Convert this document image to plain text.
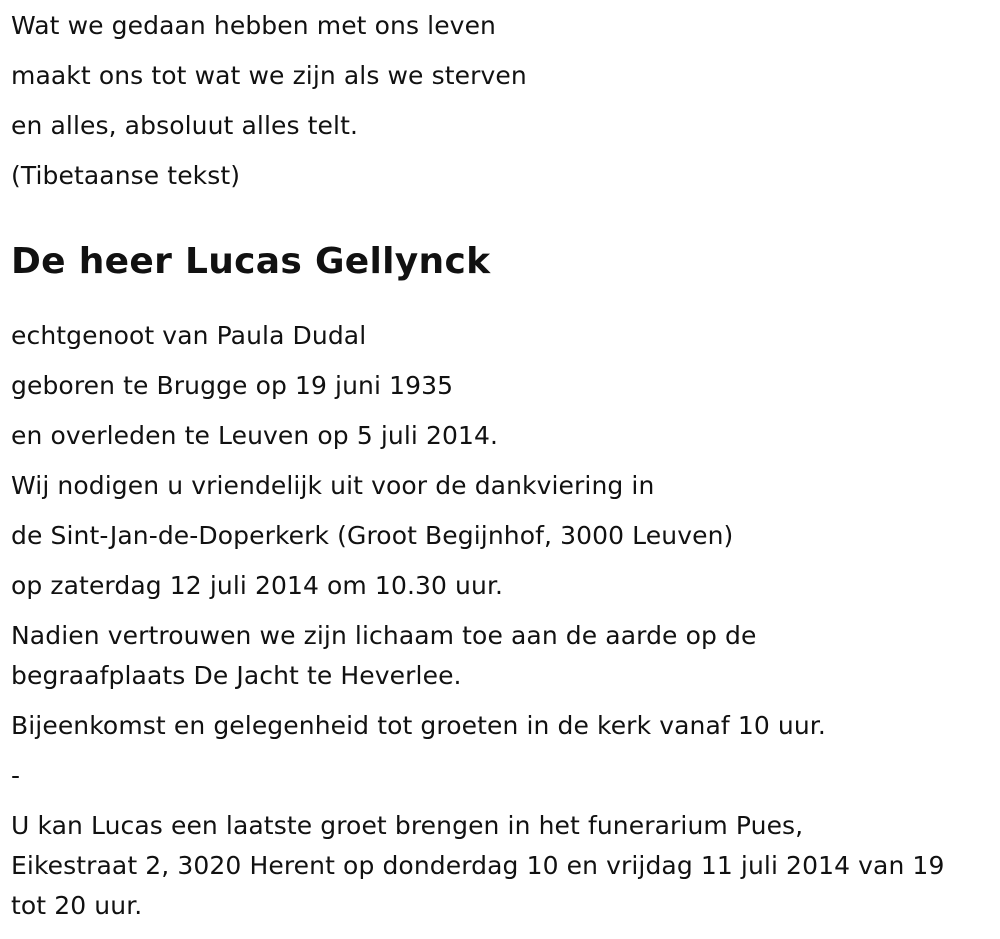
Wat we gedaan hebben met ons leven

maakt ons tot wat we zijn als we sterven

en alles, absoluut alles telt.

(Tibetaanse tekst)

De heer Lucas Gellynck

echtgenoot van Paula Dudal

geboren te Brugge op 19 juni 1935

en overleden te Leuven op 5 juli 2014.

Wij nodigen u vriendelijk uit voor de dankviering in

de Sint-Jan-de-Doperkerk (Groot Begijnhof, 3000 Leuven)

op zaterdag 12 juli 2014 om 10.30 uur.

Nadien vertrouwen we zijn lichaam toe aan de aarde op de

begraafplaats De Jacht te Heverlee.

Bijeenkomst en gelegenheid tot groeten in de kerk vanaf 10 uur.

-

U kan Lucas een laatste groet brengen in het funerarium Pues,

Eikestraat 2, 3020 Herent op donderdag 10 en vrijdag 11 juli 2014 van 19

tot 20 uur.
